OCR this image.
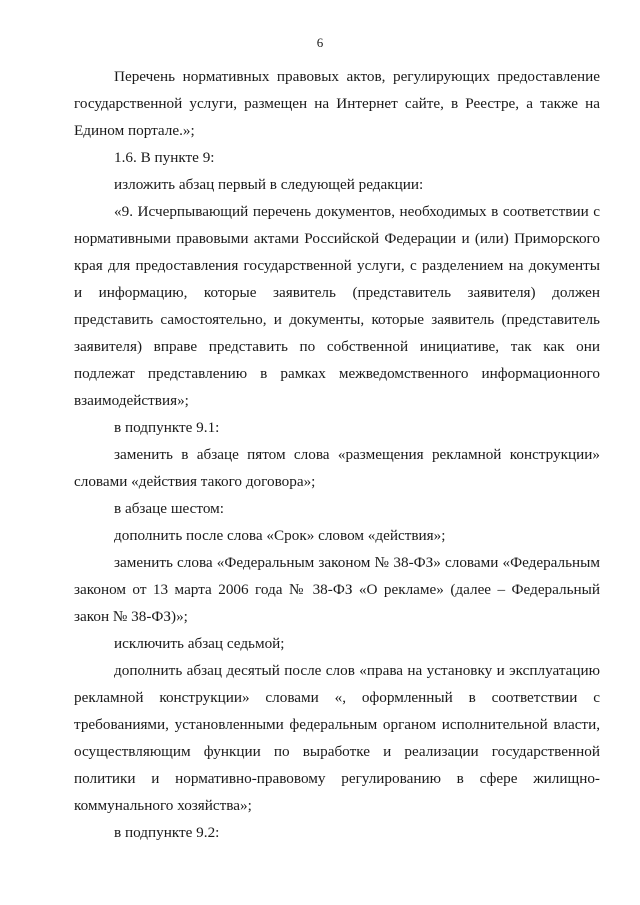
6

Перечень нормативных правовых актов, регулирующих предоставление государственной услуги, размещен на Интернет сайте, в Реестре, а также на Едином портале.»;

1.6. В пункте 9:

изложить абзац первый в следующей редакции:

«9. Исчерпывающий перечень документов, необходимых в соответствии с нормативными правовыми актами Российской Федерации и (или) Приморского края для предоставления государственной услуги, с разделением на документы и информацию, которые заявитель (представитель заявителя) должен представить самостоятельно, и документы, которые заявитель (представитель заявителя) вправе представить по собственной инициативе, так как они подлежат представлению в рамках межведомственного информационного взаимодействия»;

в подпункте 9.1:

заменить в абзаце пятом слова «размещения рекламной конструкции» словами «действия такого договора»;

в абзаце шестом:

дополнить после слова «Срок» словом «действия»;

заменить слова «Федеральным законом № 38-ФЗ» словами «Федеральным законом от 13 марта 2006 года № 38-ФЗ «О рекламе» (далее – Федеральный закон № 38-ФЗ)»;

исключить абзац седьмой;

дополнить абзац десятый после слов «права на установку и эксплуатацию рекламной конструкции» словами «, оформленный в соответствии с требованиями, установленными федеральным органом исполнительной власти, осуществляющим функции по выработке и реализации государственной политики и нормативно-правовому регулированию в сфере жилищно-коммунального хозяйства»;

в подпункте 9.2:
